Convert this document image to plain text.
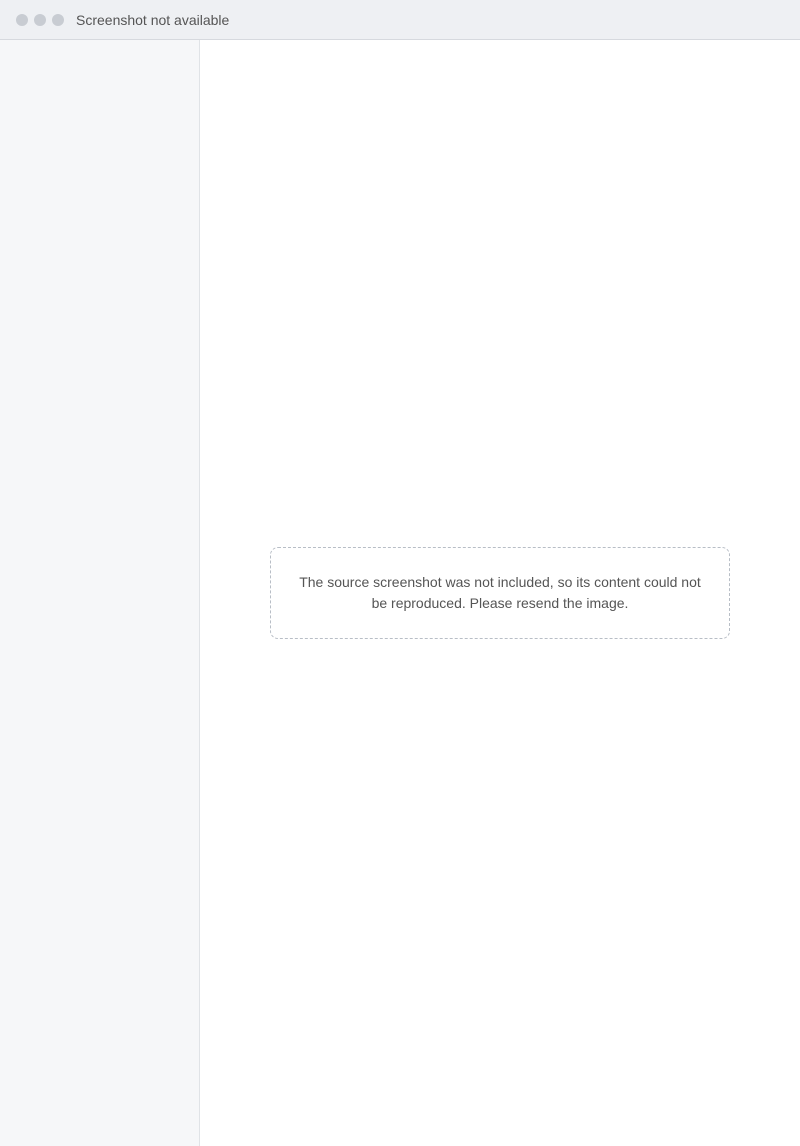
Screenshot not available
The source screenshot was not included, so its content could not be reproduced. Please resend the image.
